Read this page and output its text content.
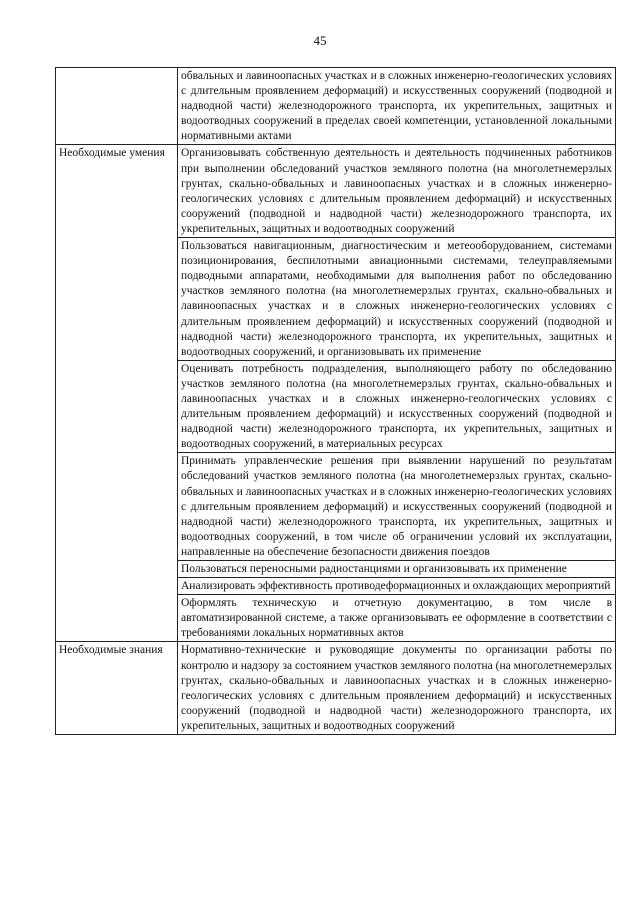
45
	обвальных и лавиноопасных участках и в сложных инженерно-геологических условиях с длительным проявлением деформаций) и искусственных сооружений (подводной и надводной части) железнодорожного транспорта, их укрепительных, защитных и водоотводных сооружений в пределах своей компетенции, установленной локальными нормативными актами
Необходимые умения	Организовывать собственную деятельность и деятельность подчиненных работников при выполнении обследований участков земляного полотна (на многолетнемерзлых грунтах, скально-обвальных и лавиноопасных участках и в сложных инженерно-геологических условиях с длительным проявлением деформаций) и искусственных сооружений (подводной и надводной части) железнодорожного транспорта, их укрепительных, защитных и водоотводных сооружений
	Пользоваться навигационным, диагностическим и метеооборудованием, системами позиционирования, беспилотными авиационными системами, телеуправляемыми подводными аппаратами, необходимыми для выполнения работ по обследованию участков земляного полотна (на многолетнемерзлых грунтах, скально-обвальных и лавиноопасных участках и в сложных инженерно-геологических условиях с длительным проявлением деформаций) и искусственных сооружений (подводной и надводной части) железнодорожного транспорта, их укрепительных, защитных и водоотводных сооружений, и организовывать их применение
	Оценивать потребность подразделения, выполняющего работу по обследованию участков земляного полотна (на многолетнемерзлых грунтах, скально-обвальных и лавиноопасных участках и в сложных инженерно-геологических условиях с длительным проявлением деформаций) и искусственных сооружений (подводной и надводной части) железнодорожного транспорта, их укрепительных, защитных и водоотводных сооружений, в материальных ресурсах
	Принимать управленческие решения при выявлении нарушений по результатам обследований участков земляного полотна (на многолетнемерзлых грунтах, скально-обвальных и лавиноопасных участках и в сложных инженерно-геологических условиях с длительным проявлением деформаций) и искусственных сооружений (подводной и надводной части) железнодорожного транспорта, их укрепительных, защитных и водоотводных сооружений, в том числе об ограничении условий их эксплуатации, направленные на обеспечение безопасности движения поездов
	Пользоваться переносными радиостанциями и организовывать их применение
	Анализировать эффективность противодеформационных и охлаждающих мероприятий
	Оформлять техническую и отчетную документацию, в том числе в автоматизированной системе, а также организовывать ее оформление в соответствии с требованиями локальных нормативных актов
Необходимые знания	Нормативно-технические и руководящие документы по организации работы по контролю и надзору за состоянием участков земляного полотна (на многолетнемерзлых грунтах, скально-обвальных и лавиноопасных участках и в сложных инженерно-геологических условиях с длительным проявлением деформаций) и искусственных сооружений (подводной и надводной части) железнодорожного транспорта, их укрепительных, защитных и водоотводных сооружений
